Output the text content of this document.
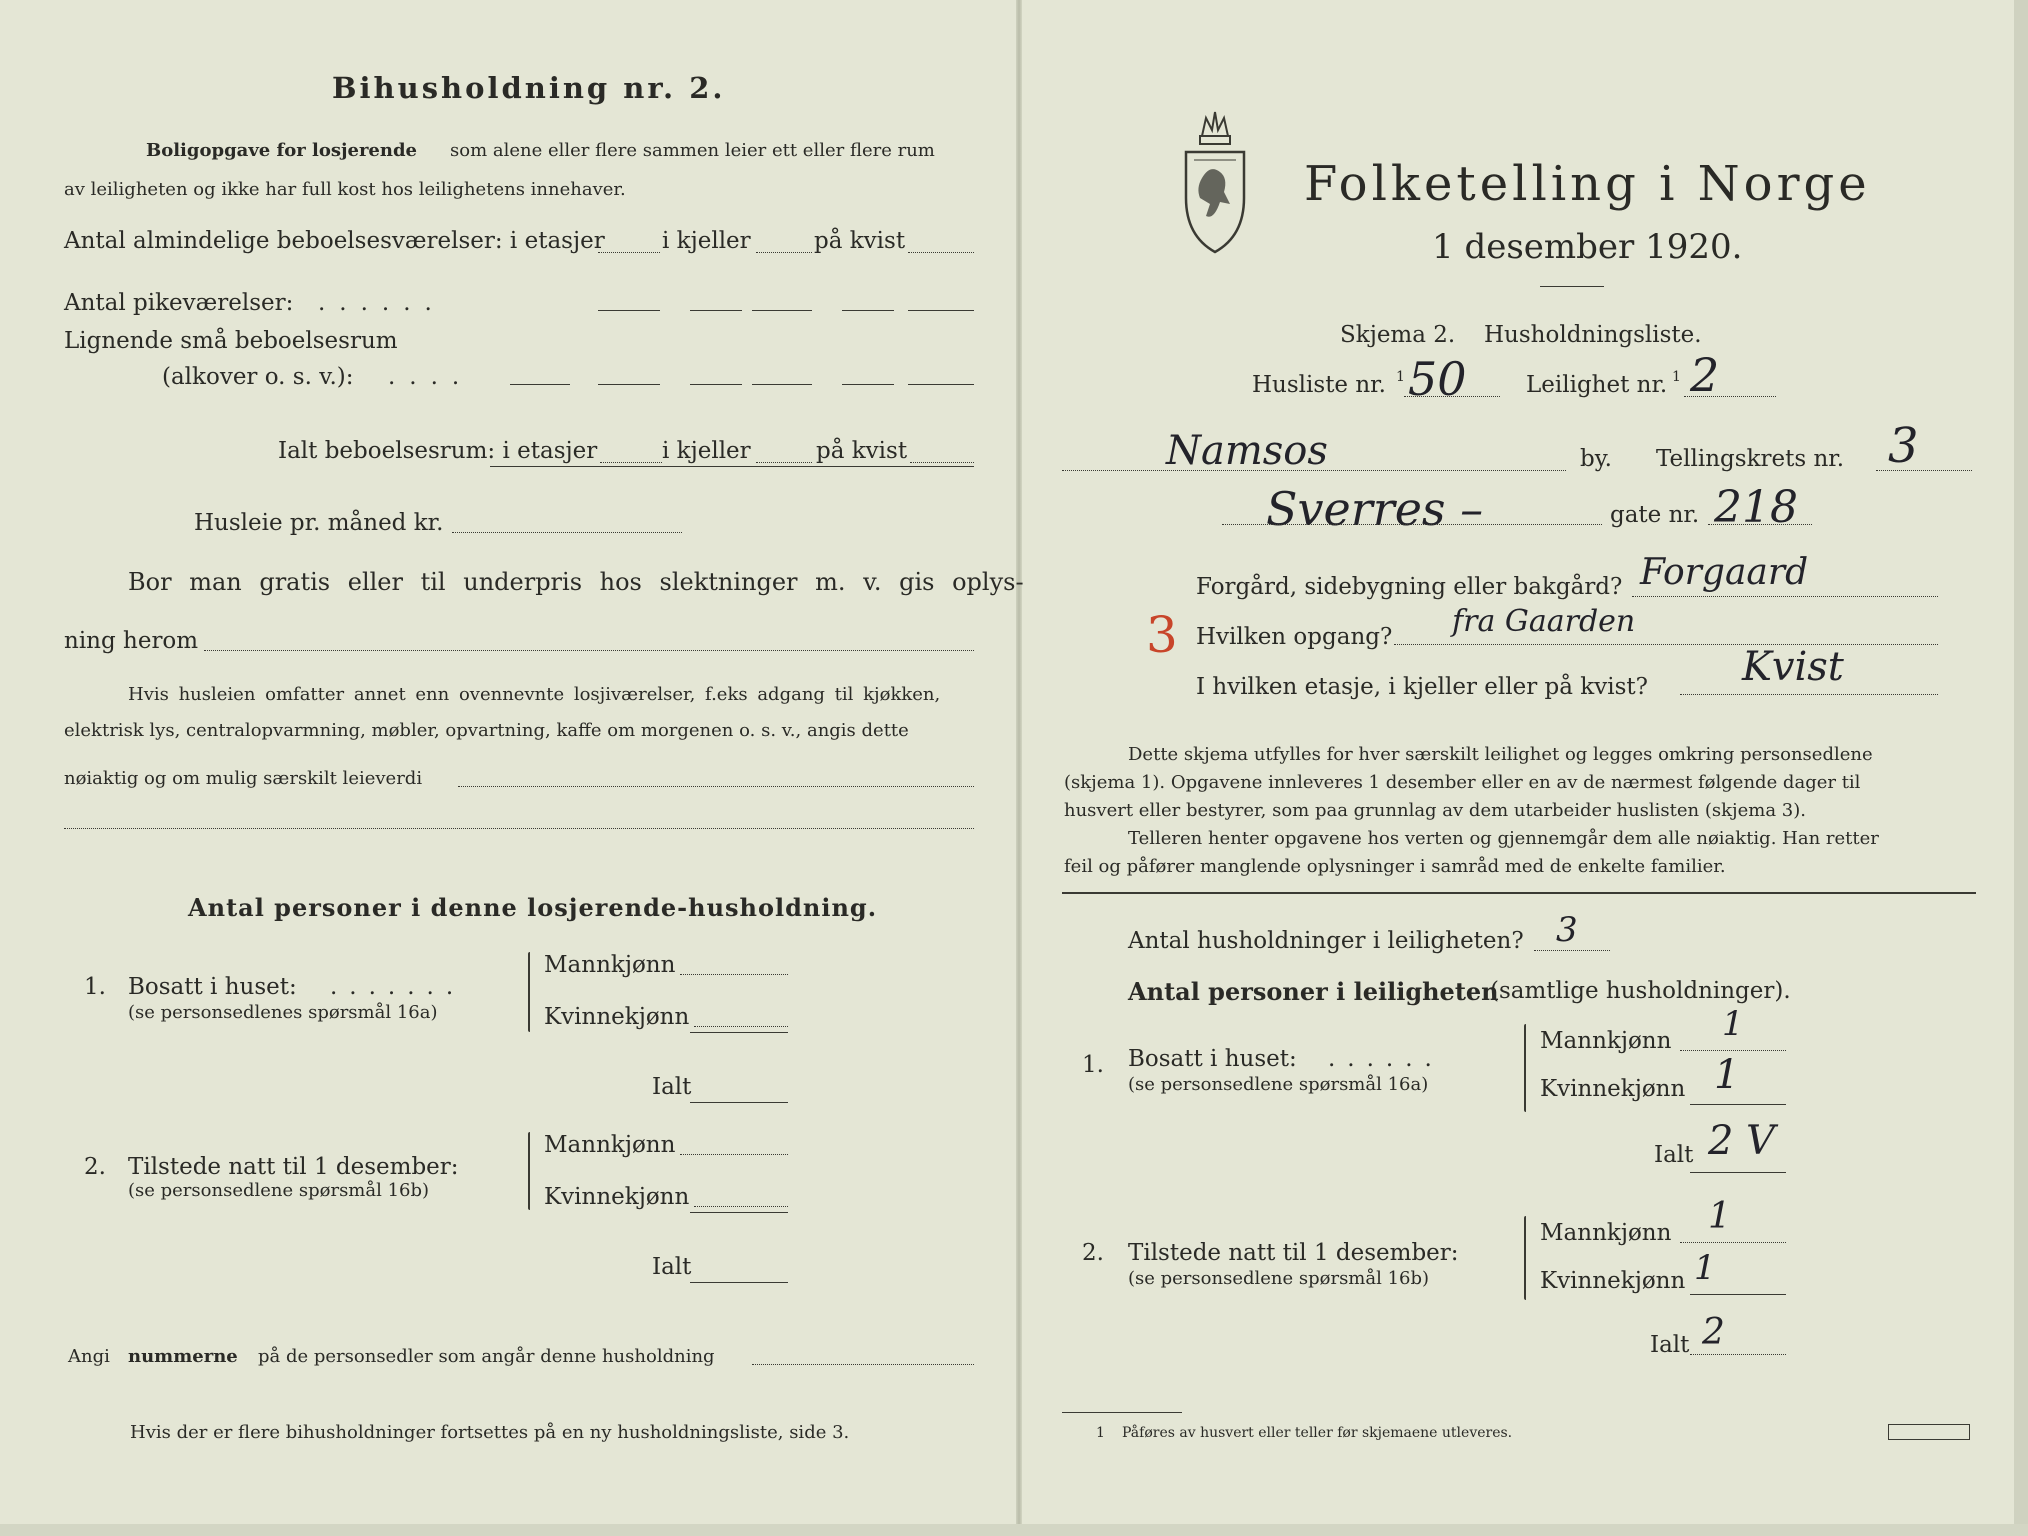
Bihusholdning nr. 2.
Boligopgave for losjerende som alene eller flere sammen leier ett eller flere rum
av leiligheten og ikke har full kost hos leilighetens innehaver.
Antal almindelige beboelsesværelser: i etasjer i kjeller	på kvist
Antal pikeværelser: ......
Lignende små beboelsesrum
(alkover o. s. v.): ....
Ialt beboelsesrum: i etasjer	i kjeller	på kvist
Husleie pr. måned kr.
Bor man gratis eller til underpris hos slektninger m. v. gis oplys-
ning herom
Hvis husleien omfatter annet enn ovennevnte losjiværelser, f.eks adgang til kjøkken,
elektrisk lys, centralopvarmning, møbler, opvartning, kaffe om morgenen o. s. v., angis dette
nøiaktig og om mulig særskilt leieverdi
Antal personer i denne losjerende-husholdning.
1. Bosatt i huset: .......
(se personsedlenes spørsmål 16a)
Mannkjønn
Kvinnekjønn
Ialt
2. Tilstede natt til 1 desember:
(se personsedlene spørsmål 16b)
Mannkjønn
Kvinnekjønn
Ialt
Angi nummerne på de personsedler som angår denne husholdning
Hvis der er flere bihusholdninger fortsettes på en ny husholdningsliste, side 3.
Folketelling i Norge
1 desember 1920.
Skjema 2. Husholdningsliste.
Husliste nr. 1 50	Leilighet nr. 1 2
Namsos	by. Tellingskrets nr. 3
Sverres –	gate nr. 218
Forgård, sidebygning eller bakgård? Forgaard
3 Hvilken opgang? fra Gaarden
I hvilken etasje, i kjeller eller på kvist? Kvist
Dette skjema utfylles for hver særskilt leilighet og legges omkring personsedlene
(skjema 1). Opgavene innleveres 1 desember eller en av de nærmest følgende dager til
husvert eller bestyrer, som paa grunnlag av dem utarbeider huslisten (skjema 3).
Telleren henter opgavene hos verten og gjennemgår dem alle nøiaktig. Han retter
feil og påfører manglende oplysninger i samråd med de enkelte familier.
Antal husholdninger i leiligheten? 3
Antal personer i leiligheten
(samtlige husholdninger).
1. Bosatt i huset: ......
(se personsedlene spørsmål 16a)
Mannkjønn 1
Kvinnekjønn 1
Ialt 2 V
2. Tilstede natt til 1 desember:
(se personsedlene spørsmål 16b)
Mannkjønn 1
Kvinnekjønn 1
Ialt 2
1 Påføres av husvert eller teller før skjemaene utleveres.
